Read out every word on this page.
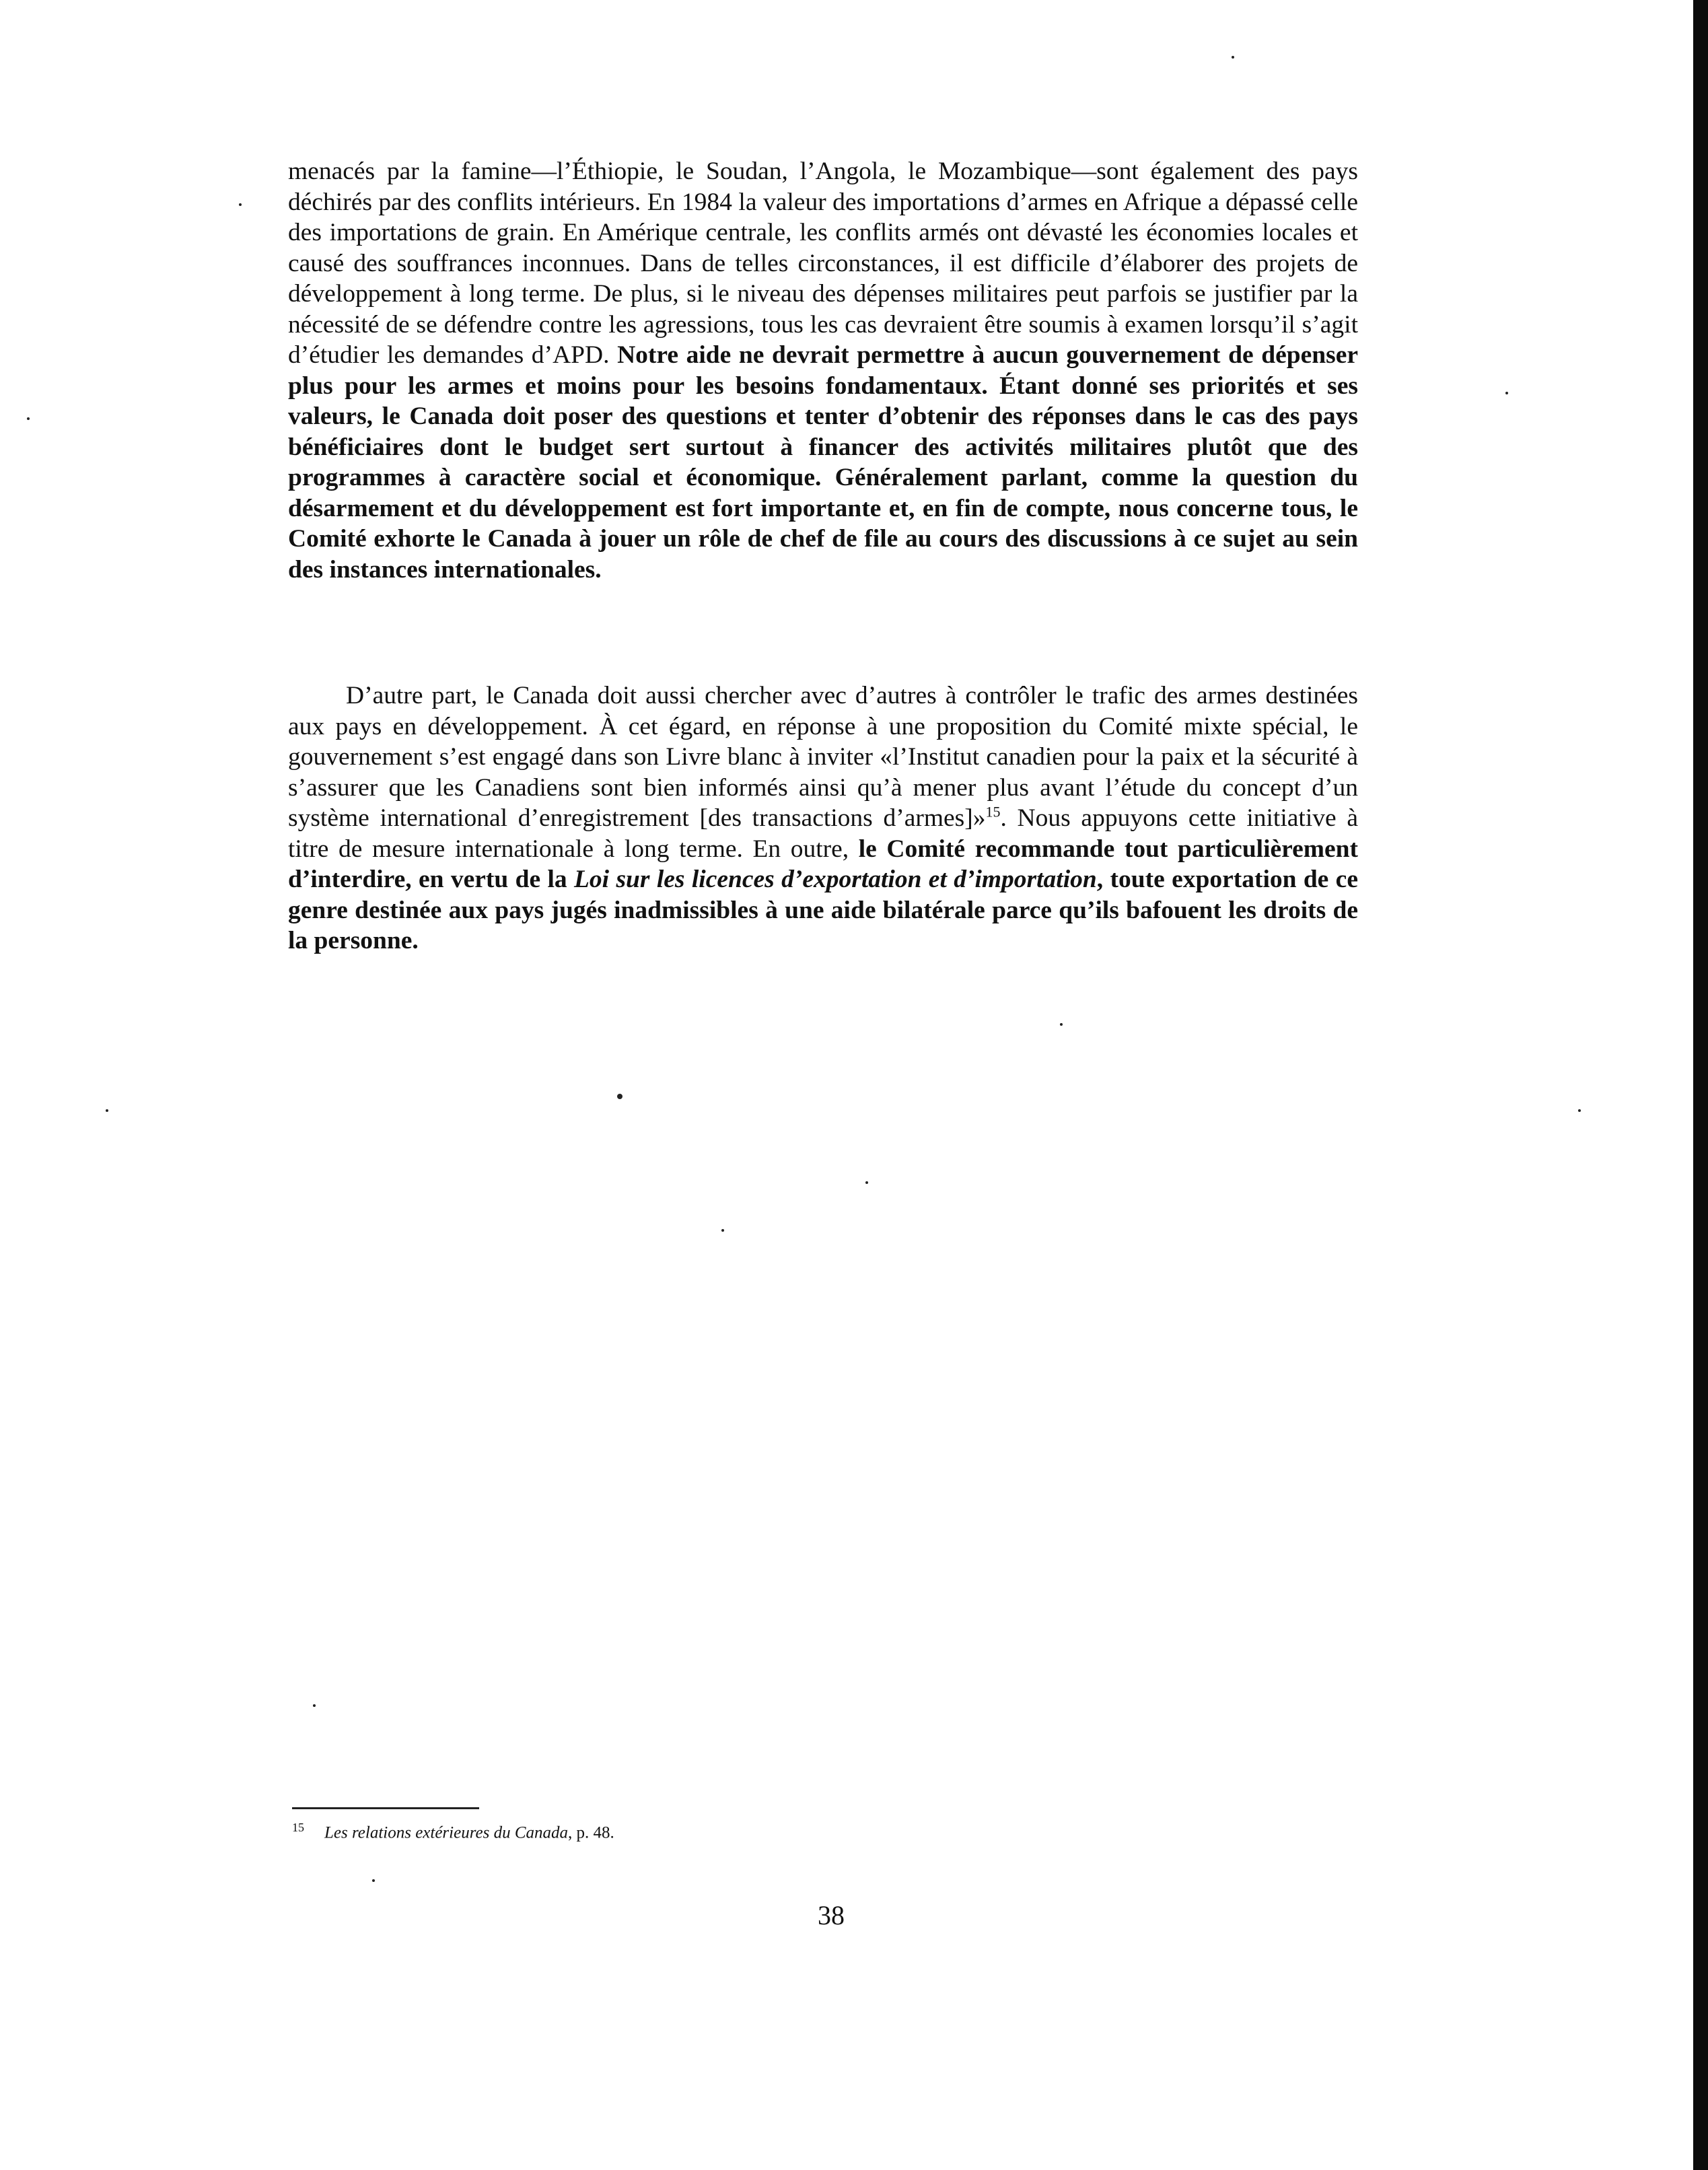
menacés par la famine—l’Éthiopie, le Soudan, l’Angola, le Mozambique—sont également des pays déchirés par des conflits intérieurs. En 1984 la valeur des importations d’armes en Afrique a dépassé celle des importations de grain. En Amérique centrale, les conflits armés ont dévasté les économies locales et causé des souffrances inconnues. Dans de telles circonstances, il est difficile d’élaborer des projets de développement à long terme. De plus, si le niveau des dépenses militaires peut parfois se justifier par la nécessité de se défendre contre les agressions, tous les cas devraient être soumis à examen lorsqu’il s’agit d’étudier les demandes d’APD. Notre aide ne devrait permettre à aucun gouvernement de dépenser plus pour les armes et moins pour les besoins fondamentaux. Étant donné ses priorités et ses valeurs, le Canada doit poser des questions et tenter d’obtenir des réponses dans le cas des pays bénéficiaires dont le budget sert surtout à financer des activités militaires plutôt que des programmes à caractère social et économique. Généralement parlant, comme la question du désarmement et du développement est fort importante et, en fin de compte, nous concerne tous, le Comité exhorte le Canada à jouer un rôle de chef de file au cours des discussions à ce sujet au sein des instances internationales.

D’autre part, le Canada doit aussi chercher avec d’autres à contrôler le trafic des armes destinées aux pays en développement. À cet égard, en réponse à une proposition du Comité mixte spécial, le gouvernement s’est engagé dans son Livre blanc à inviter «l’Institut canadien pour la paix et la sécurité à s’assurer que les Canadiens sont bien informés ainsi qu’à mener plus avant l’étude du concept d’un système international d’enregistrement [des transactions d’armes]»$^{15}$. Nous appuyons cette initiative à titre de mesure internationale à long terme. En outre, le Comité recommande tout particulièrement d’interdire, en vertu de la Loi sur les licences d’exportation et d’importation, toute exportation de ce genre destinée aux pays jugés inadmissibles à une aide bilatérale parce qu’ils bafouent les droits de la personne.

15 Les relations extérieures du Canada, p. 48.
38
